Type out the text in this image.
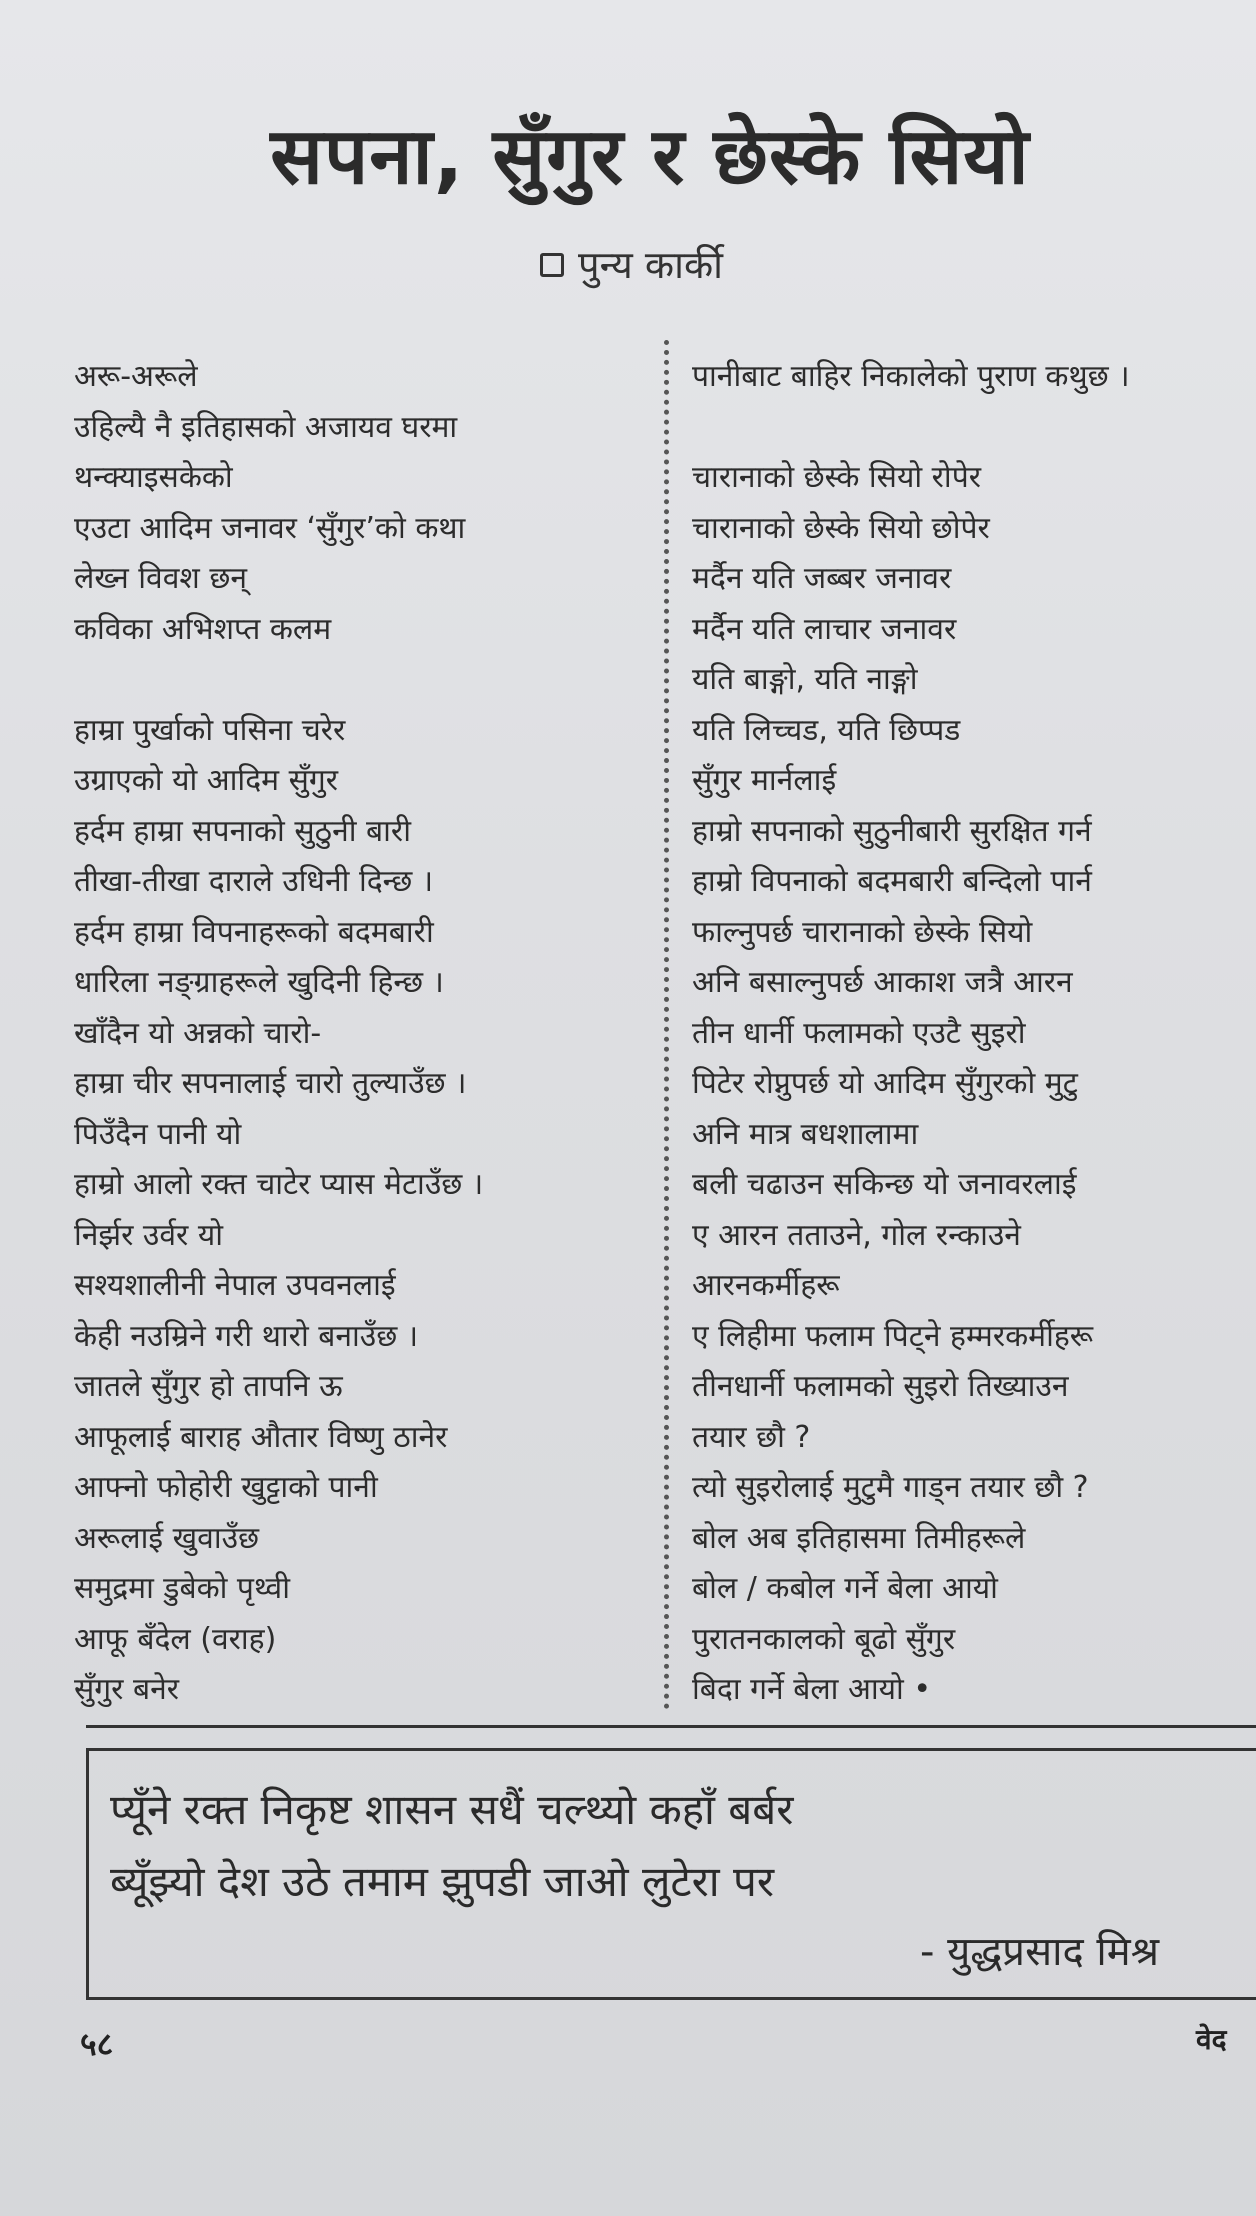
सपना, सुँगुर र छेस्के सियो
पुन्य कार्की
अरू-अरूले
उहिल्यै नै इतिहासको अजायव घरमा
थन्क्याइसकेको
एउटा आदिम जनावर ‘सुँगुर’को कथा
लेख्न विवश छन्
कविका अभिशप्त कलम
हाम्रा पुर्खाको पसिना चरेर
उग्राएको यो आदिम सुँगुर
हर्दम हाम्रा सपनाको सुठुनी बारी
तीखा-तीखा दाराले उधिनी दिन्छ ।
हर्दम हाम्रा विपनाहरूको बदमबारी
धारिला नङ्ग्राहरूले खुदिनी हिन्छ ।
खाँदैन यो अन्नको चारो-
हाम्रा चीर सपनालाई चारो तुल्याउँछ ।
पिउँदैन पानी यो
हाम्रो आलो रक्त चाटेर प्यास मेटाउँछ ।
निर्झर उर्वर यो
सश्यशालीनी नेपाल उपवनलाई
केही नउम्रिने गरी थारो बनाउँछ ।
जातले सुँगुर हो तापनि ऊ
आफूलाई बाराह औतार विष्णु ठानेर
आफ्नो फोहोरी खुट्टाको पानी
अरूलाई खुवाउँछ
समुद्रमा डुबेको पृथ्वी
आफू बँदेल (वराह)
सुँगुर बनेर
पानीबाट बाहिर निकालेको पुराण कथुछ ।
चारानाको छेस्के सियो रोपेर
चारानाको छेस्के सियो छोपेर
मर्दैन यति जब्बर जनावर
मर्दैन यति लाचार जनावर
यति बाङ्गो, यति नाङ्गो
यति लिच्चड, यति छिप्पड
सुँगुर मार्नलाई
हाम्रो सपनाको सुठुनीबारी सुरक्षित गर्न
हाम्रो विपनाको बदमबारी बन्दिलो पार्न
फाल्नुपर्छ चारानाको छेस्के सियो
अनि बसाल्नुपर्छ आकाश जत्रै आरन
तीन धार्नी फलामको एउटै सुइरो
पिटेर रोप्नुपर्छ यो आदिम सुँगुरको मुटु
अनि मात्र बधशालामा
बली चढाउन सकिन्छ यो जनावरलाई
ए आरन तताउने, गोल रन्काउने
आरनकर्मीहरू
ए लिहीमा फलाम पिट्ने हम्मरकर्मीहरू
तीनधार्नी फलामको सुइरो तिख्याउन
तयार छौ ?
त्यो सुइरोलाई मुटुमै गाड्न तयार छौ ?
बोल अब इतिहासमा तिमीहरूले
बोल / कबोल गर्ने बेला आयो
पुरातनकालको बूढो सुँगुर
बिदा गर्ने बेला आयो •
प्यूँने रक्त निकृष्ट शासन सधैं चल्थ्यो कहाँ बर्बर
ब्यूँझ्यो देश उठे तमाम झुपडी जाओ लुटेरा पर
- युद्धप्रसाद मिश्र
५८	वेद
